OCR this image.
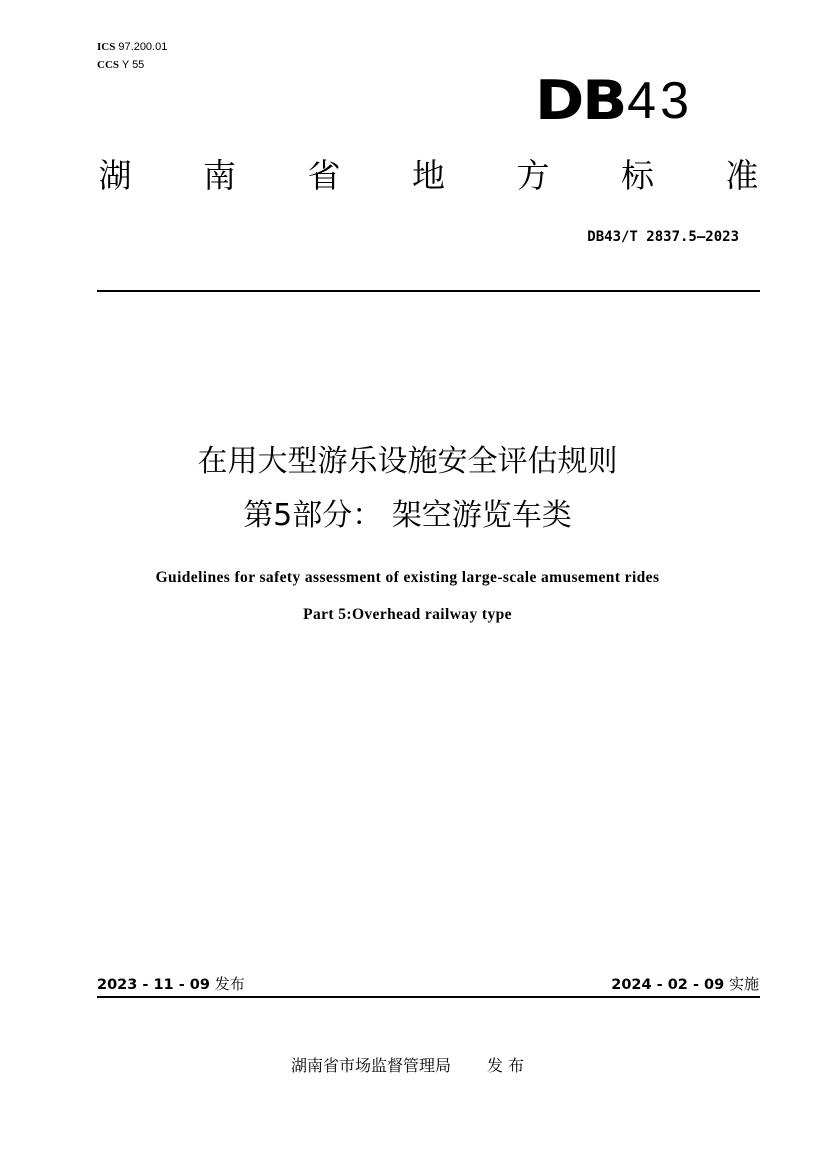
ICS 97.200.01
CCS Y 55
DB 43
湖 南 省 地 方 标 准
DB43/T 2837.5—2023
在用大型游乐设施安全评估规则
第5部分： 架空游览车类
Guidelines for safety assessment of existing large-scale amusement rides
Part 5:Overhead railway type
2023 - 11 - 09 发布	2024 - 02 - 09 实施
湖南省市场监督管理局 发 布
